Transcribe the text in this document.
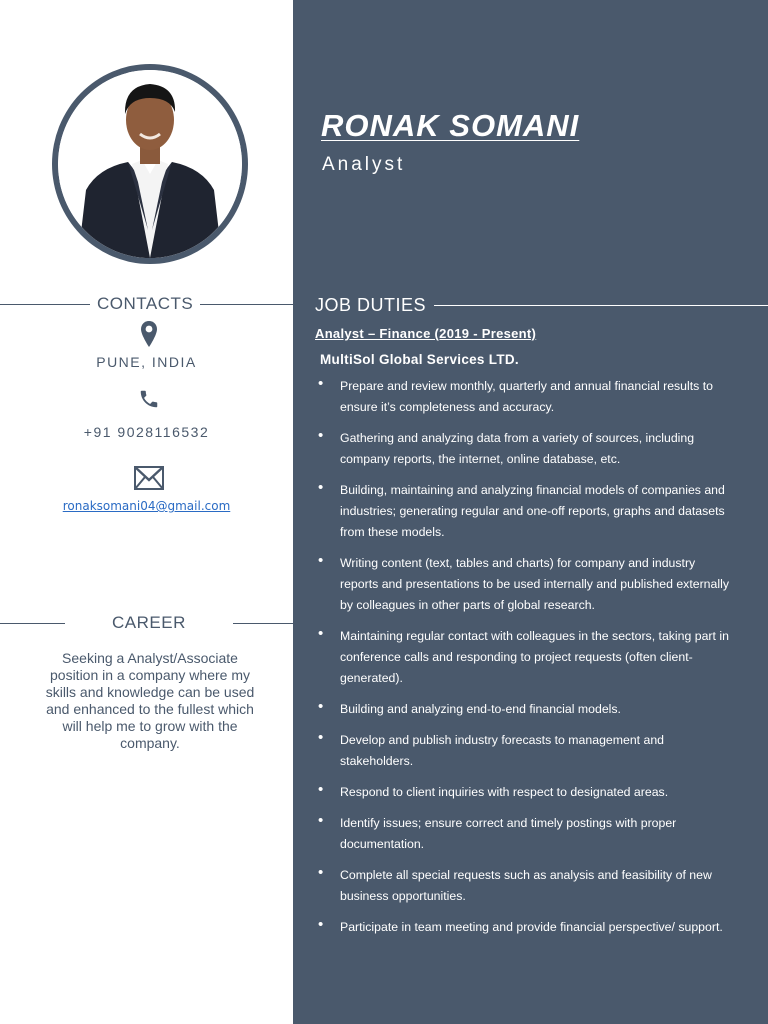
CONTACTS
PUNE, INDIA
+91 9028116532
ronaksomani04@gmail.com
CAREER
Seeking a Analyst/Associate position in a company where my skills and knowledge can be used and enhanced to the fullest which will help me to grow with the company.
RONAK SOMANI
Analyst
JOB DUTIES
Analyst – Finance (2019 - Present)
MultiSol Global Services LTD.
• Prepare and review monthly, quarterly and annual financial results to ensure it’s completeness and accuracy.
• Gathering and analyzing data from a variety of sources, including company reports, the internet, online database, etc.
• Building, maintaining and analyzing financial models of companies and industries; generating regular and one-off reports, graphs and datasets from these models.
• Writing content (text, tables and charts) for company and industry reports and presentations to be used internally and published externally by colleagues in other parts of global research.
• Maintaining regular contact with colleagues in the sectors, taking part in conference calls and responding to project requests (often client-generated).
• Building and analyzing end-to-end financial models.
• Develop and publish industry forecasts to management and stakeholders.
• Respond to client inquiries with respect to designated areas.
• Identify issues; ensure correct and timely postings with proper documentation.
• Complete all special requests such as analysis and feasibility of new business opportunities.
• Participate in team meeting and provide financial perspective/ support.
